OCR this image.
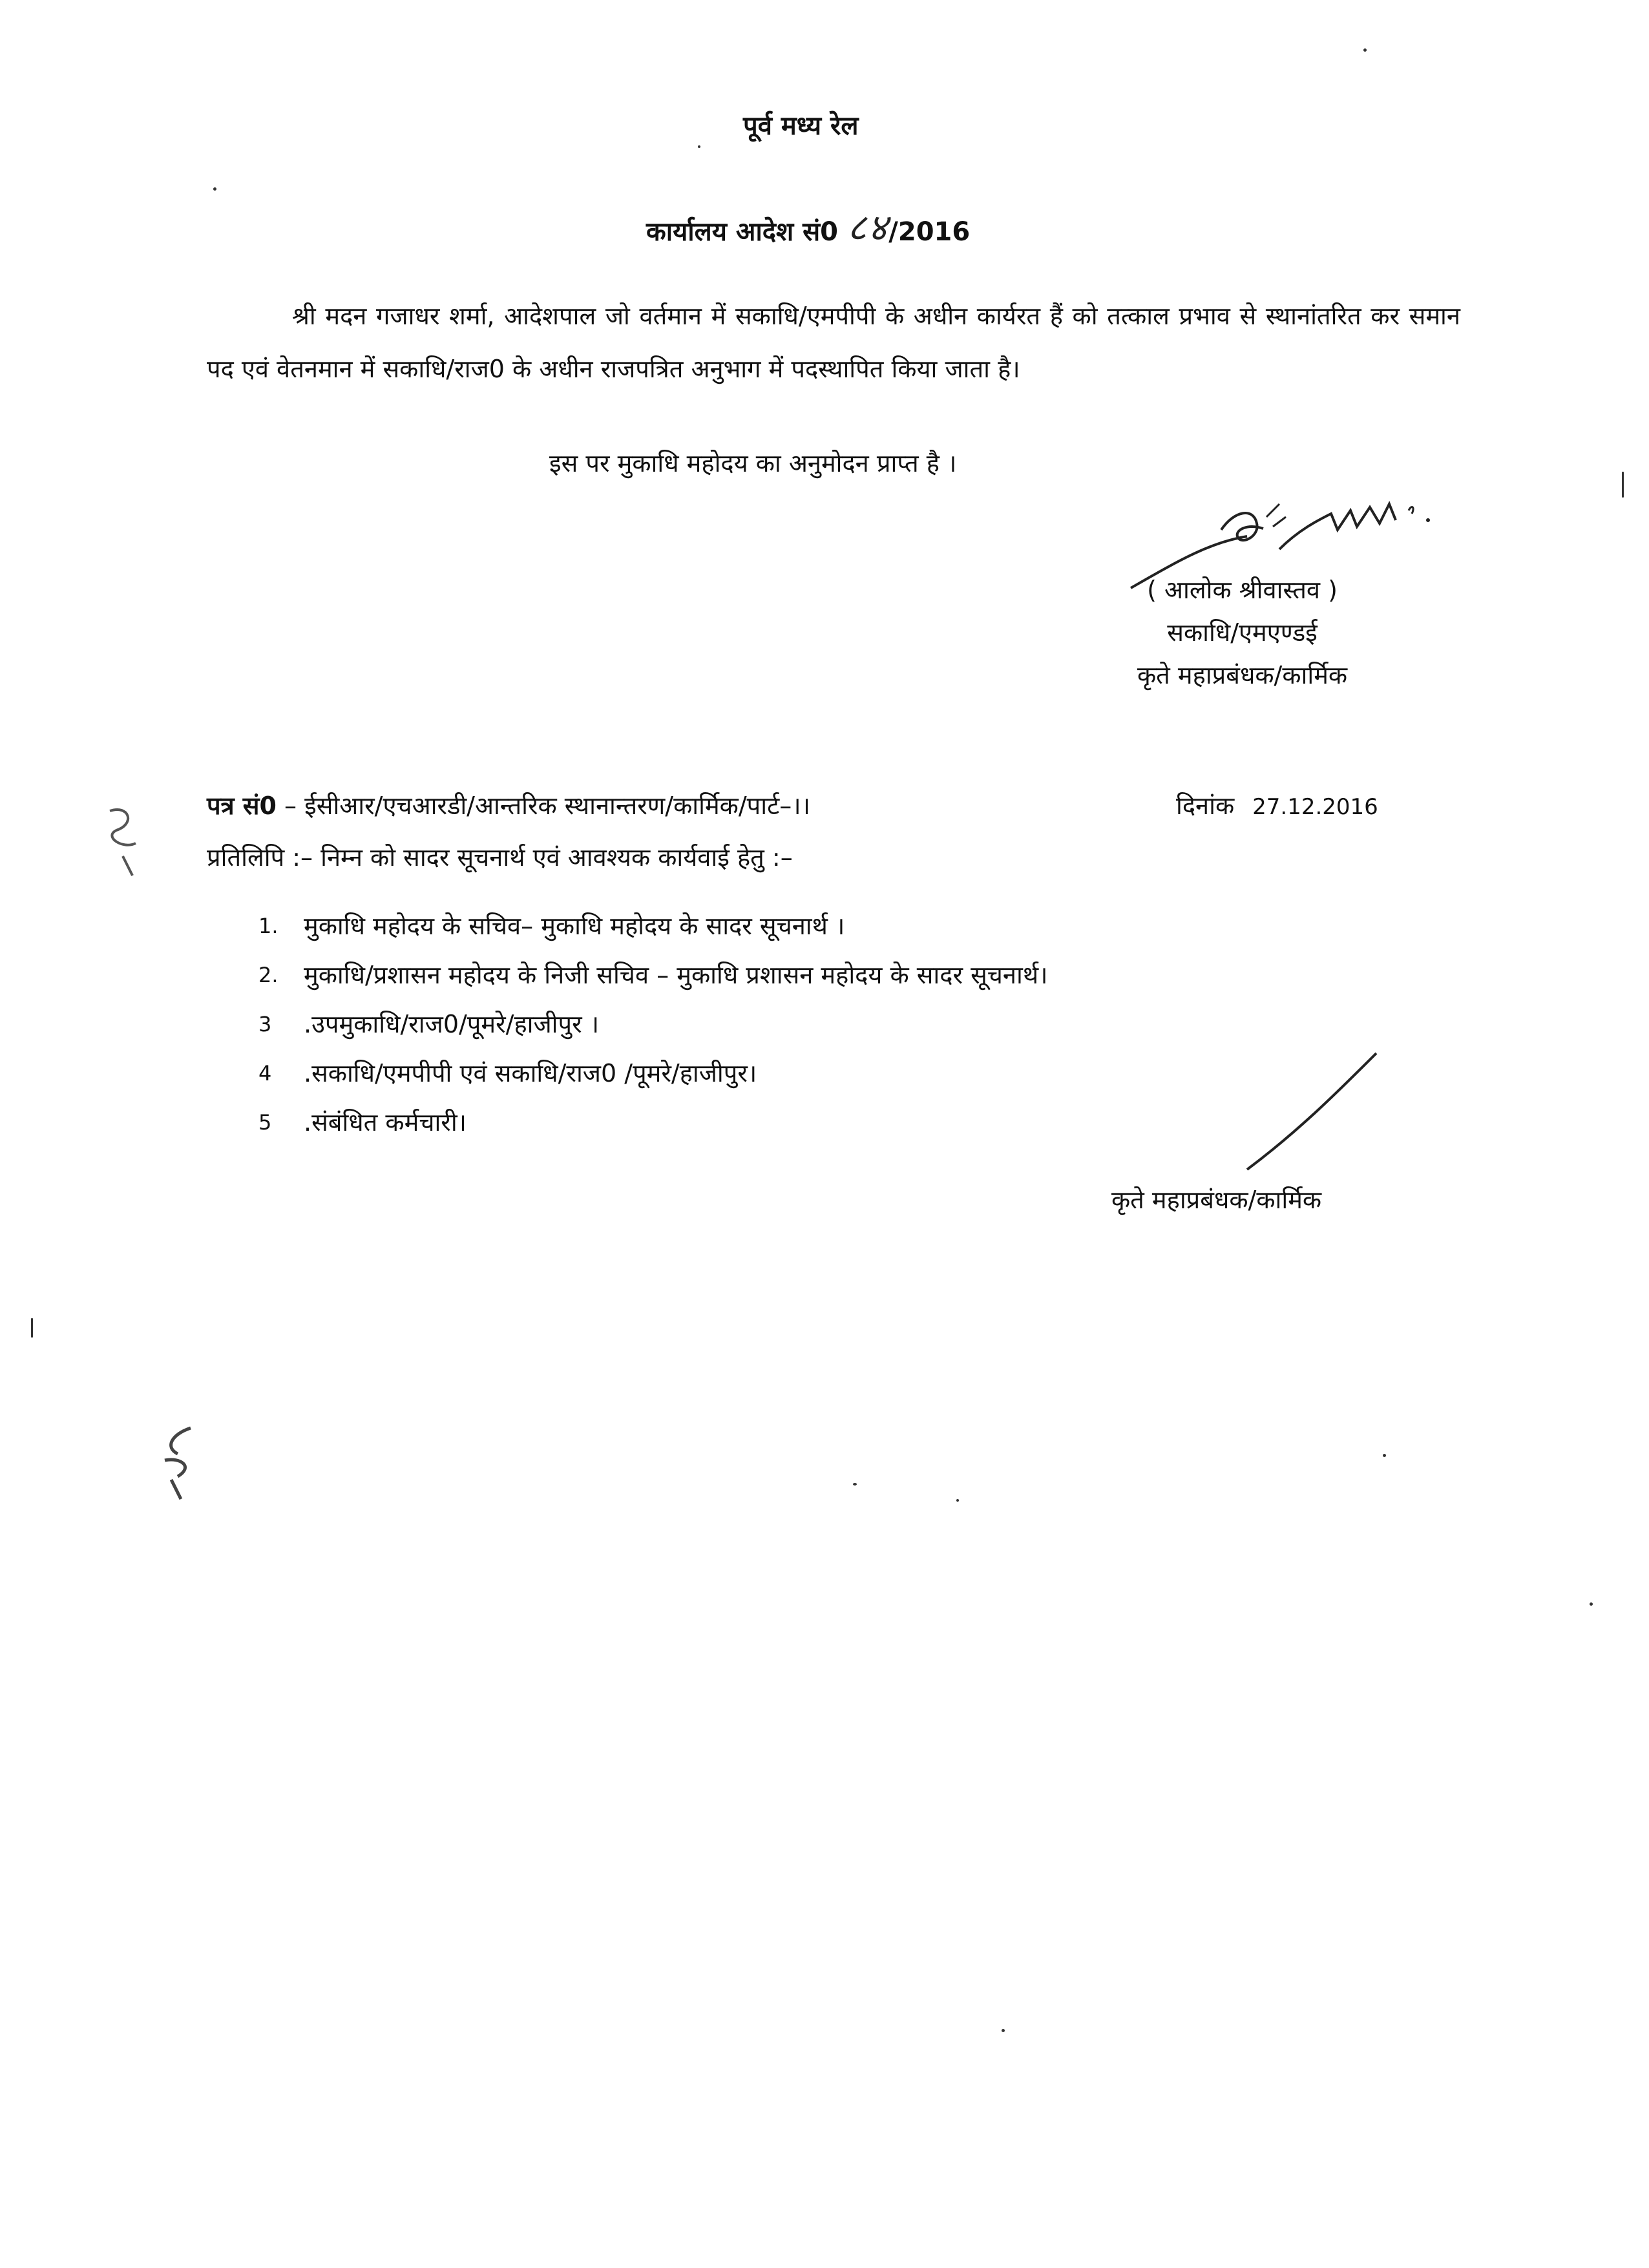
पूर्व मध्य रेल
कार्यालय आदेश सं0 ८४/2016
श्री मदन गजाधर शर्मा, आदेशपाल जो वर्तमान में सकाधि/एमपीपी के अधीन कार्यरत हैं को तत्काल प्रभाव से स्थानांतरित कर समान पद एवं वेतनमान में सकाधि/राज0 के अधीन राजपत्रित अनुभाग में पदस्थापित किया जाता है।
इस पर मुकाधि महोदय का अनुमोदन प्राप्त है ।
( आलोक श्रीवास्तव )
सकाधि/एमएण्डई
कृते महाप्रबंधक/कार्मिक
पत्र सं0 – ईसीआर/एचआरडी/आन्तरिक स्थानान्तरण/कार्मिक/पार्ट–।।	दिनांक 27.12.2016
प्रतिलिपि :– निम्न को सादर सूचनार्थ एवं आवश्यक कार्यवाई हेतु :–
1. मुकाधि महोदय के सचिव– मुकाधि महोदय के सादर सूचनार्थ ।
2. मुकाधि/प्रशासन महोदय के निजी सचिव – मुकाधि प्रशासन महोदय के सादर सूचनार्थ।
3 .उपमुकाधि/राज0/पूमरे/हाजीपुर ।
4 .सकाधि/एमपीपी एवं सकाधि/राज0 /पूमरे/हाजीपुर।
5 .संबंधित कर्मचारी।
कृते महाप्रबंधक/कार्मिक
